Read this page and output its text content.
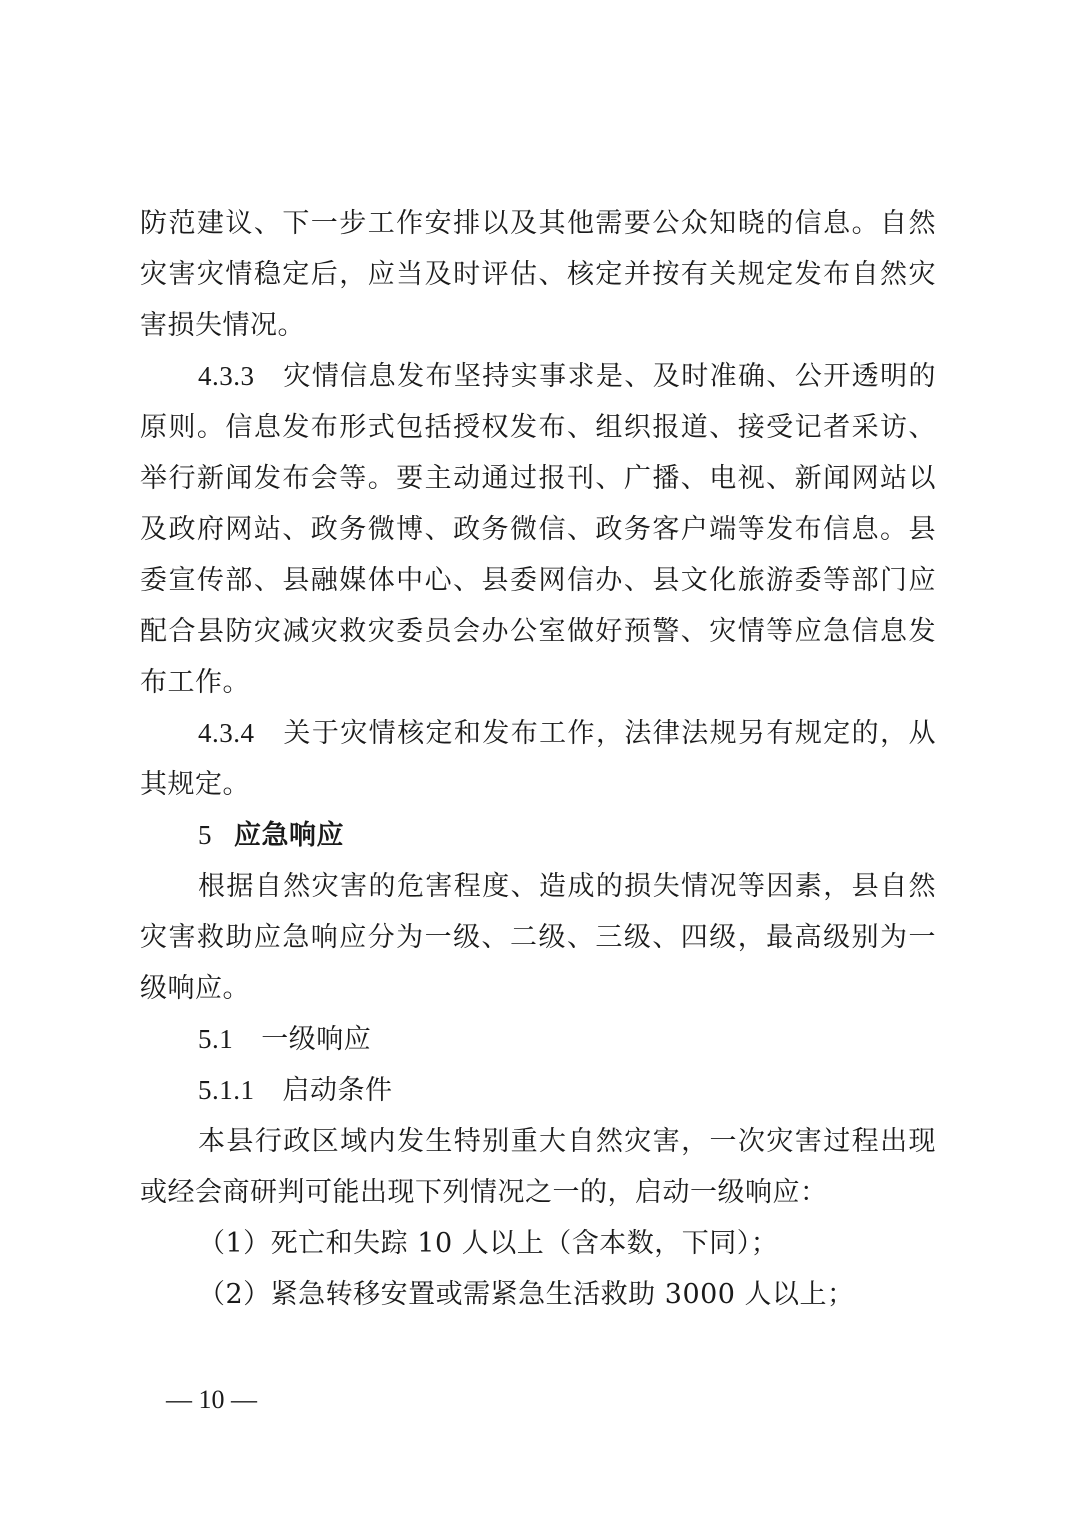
防范建议、下一步工作安排以及其他需要公众知晓的信息。自然灾害灾情稳定后，应当及时评估、核定并按有关规定发布自然灾害损失情况。

4.3.3 灾情信息发布坚持实事求是、及时准确、公开透明的原则。信息发布形式包括授权发布、组织报道、接受记者采访、举行新闻发布会等。要主动通过报刊、广播、电视、新闻网站以及政府网站、政务微博、政务微信、政务客户端等发布信息。县委宣传部、县融媒体中心、县委网信办、县文化旅游委等部门应配合县防灾减灾救灾委员会办公室做好预警、灾情等应急信息发布工作。

4.3.4 关于灾情核定和发布工作，法律法规另有规定的，从其规定。

5 应急响应

根据自然灾害的危害程度、造成的损失情况等因素，县自然灾害救助应急响应分为一级、二级、三级、四级，最高级别为一级响应。

5.1 一级响应

5.1.1 启动条件

本县行政区域内发生特别重大自然灾害，一次灾害过程出现或经会商研判可能出现下列情况之一的，启动一级响应：

（1）死亡和失踪 10 人以上（含本数，下同）；

（2）紧急转移安置或需紧急生活救助 3000 人以上；

— 10 —
